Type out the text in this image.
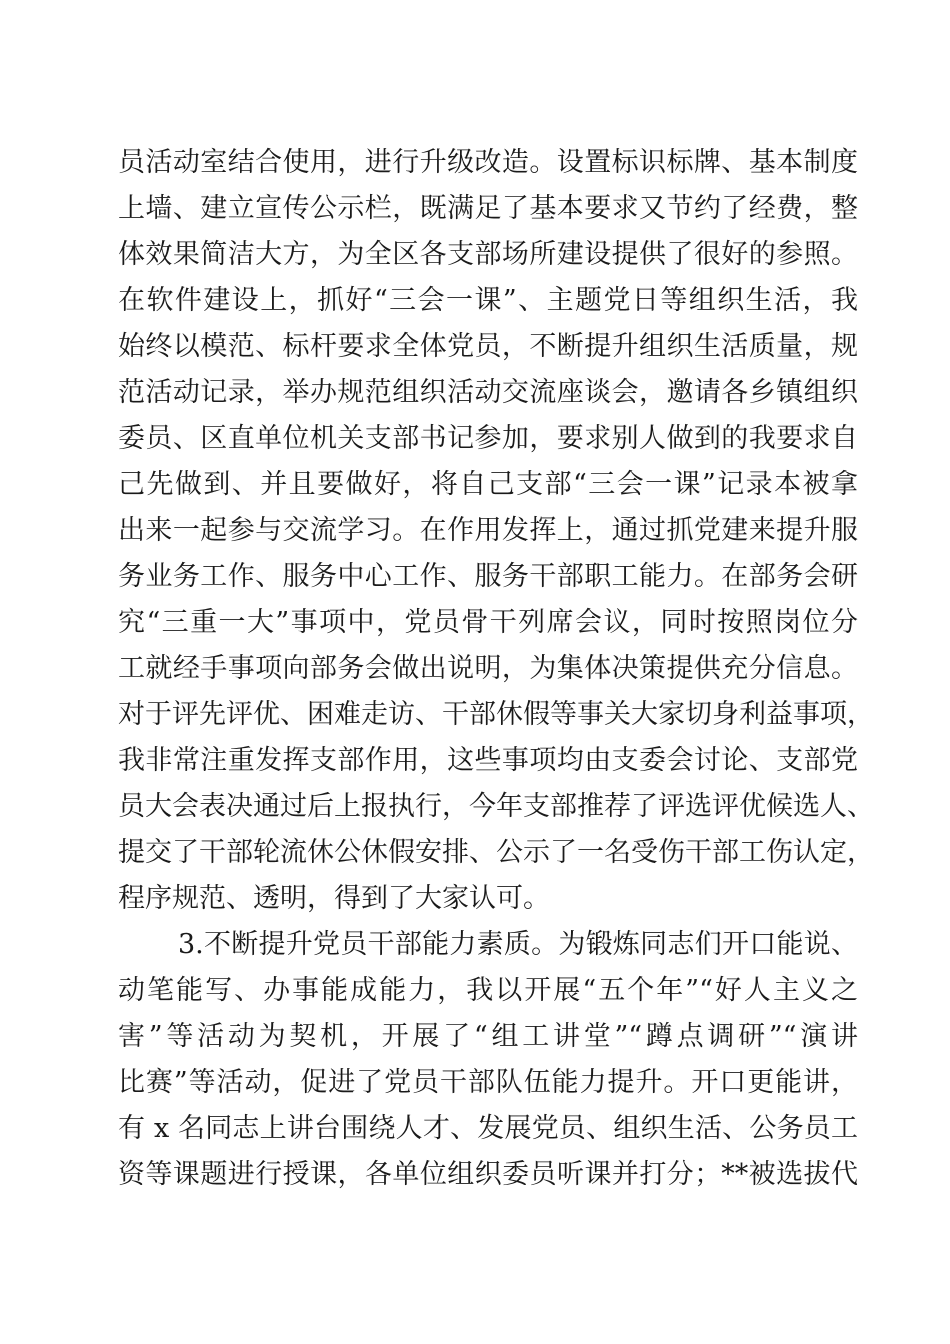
员活动室结合使用，进行升级改造。设置标识标牌、基本制度
上墙、建立宣传公示栏，既满足了基本要求又节约了经费，整
体效果简洁大方，为全区各支部场所建设提供了很好的参照。
在软件建设上，抓好“三会一课”、主题党日等组织生活，我
始终以模范、标杆要求全体党员，不断提升组织生活质量，规
范活动记录，举办规范组织活动交流座谈会，邀请各乡镇组织
委员、区直单位机关支部书记参加，要求别人做到的我要求自
己先做到、并且要做好，将自己支部“三会一课”记录本被拿
出来一起参与交流学习。在作用发挥上，通过抓党建来提升服
务业务工作、服务中心工作、服务干部职工能力。在部务会研
究“三重一大”事项中，党员骨干列席会议，同时按照岗位分
工就经手事项向部务会做出说明，为集体决策提供充分信息。
对于评先评优、困难走访、干部休假等事关大家切身利益事项，
我非常注重发挥支部作用，这些事项均由支委会讨论、支部党
员大会表决通过后上报执行，今年支部推荐了评选评优候选人、
提交了干部轮流休公休假安排、公示了一名受伤干部工伤认定，
程序规范、透明，得到了大家认可。
3.不断提升党员干部能力素质。为锻炼同志们开口能说、
动笔能写、办事能成能力，我以开展“五个年”“好人主义之
害”等活动为契机，开展了“组工讲堂”“蹲点调研”“演讲
比赛”等活动，促进了党员干部队伍能力提升。开口更能讲，
有 x 名同志上讲台围绕人才、发展党员、组织生活、公务员工
资等课题进行授课，各单位组织委员听课并打分；**被选拔代
